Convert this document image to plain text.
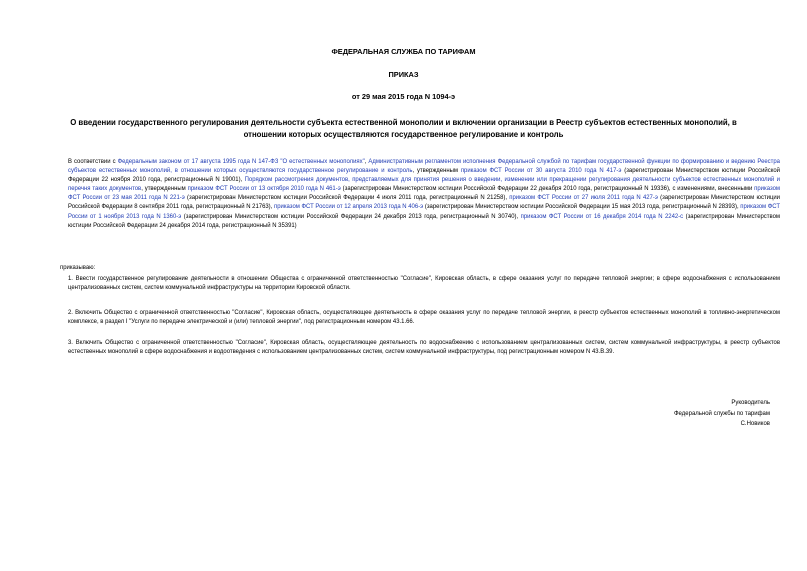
ФЕДЕРАЛЬНАЯ СЛУЖБА ПО ТАРИФАМ
ПРИКАЗ
от 29 мая 2015 года N 1094-э
О введении государственного регулирования деятельности субъекта естественной монополии и включении организации в Реестр субъектов естественных монополий, в отношении которых осуществляются государственное регулирование и контроль
В соответствии с Федеральным законом от 17 августа 1995 года N 147-ФЗ "О естественных монополиях", Административным регламентом исполнения Федеральной службой по тарифам государственной функции по формированию и ведению Реестра субъектов естественных монополий, в отношении которых осуществляются государственное регулирование и контроль, утвержденным приказом ФСТ России от 30 августа 2010 года N 417-э (зарегистрирован Министерством юстиции Российской Федерации 22 ноября 2010 года, регистрационный N 19001), Порядком рассмотрения документов, представляемых для принятия решения о введении, изменении или прекращении регулирования деятельности субъектов естественных монополий и перечня таких документов, утвержденным приказом ФСТ России от 13 октября 2010 года N 461-э (зарегистрирован Министерством юстиции Российской Федерации 22 декабря 2010 года, регистрационный N 19336), с изменениями, внесенными приказом ФСТ России от 23 мая 2011 года N 221-э (зарегистрирован Министерством юстиции Российской Федерации 4 июля 2011 года, регистрационный N 21258), приказом ФСТ России от 27 июля 2011 года N 427-э (зарегистрирован Министерством юстиции Российской Федерации 8 сентября 2011 года, регистрационный N 21763), приказом ФСТ России от 12 апреля 2013 года N 406-э (зарегистрирован Министерством юстиции Российской Федерации 15 мая 2013 года, регистрационный N 28393), приказом ФСТ России от 1 ноября 2013 года N 1360-э (зарегистрирован Министерством юстиции Российской Федерации 24 декабря 2013 года, регистрационный N 30740), приказом ФСТ России от 16 декабря 2014 года N 2242-с (зарегистрирован Министерством юстиции Российской Федерации 24 декабря 2014 года, регистрационный N 35391)
приказываю:
1. Ввести государственное регулирование деятельности в отношении Общества с ограниченной ответственностью "Согласие", Кировская область, в сфере оказания услуг по передаче тепловой энергии; в сфере водоснабжения с использованием централизованных систем, систем коммунальной инфраструктуры на территории Кировской области.
2. Включить Общество с ограниченной ответственностью "Согласие", Кировская область, осуществляющее деятельность в сфере оказания услуг по передаче тепловой энергии, в реестр субъектов естественных монополий в топливно-энергетическом комплексе, в раздел I "Услуги по передаче электрической и (или) тепловой энергии", под регистрационным номером 43.1.66.
3. Включить Общество с ограниченной ответственностью "Согласие", Кировская область, осуществляющее деятельность по водоснабжению с использованием централизованных систем, систем коммунальной инфраструктуры, в реестр субъектов естественных монополий в сфере водоснабжения и водоотведения с использованием централизованных систем, систем коммунальной инфраструктуры, под регистрационным номером N 43.В.39.
Руководитель
Федеральной службы по тарифам
С.Новиков
